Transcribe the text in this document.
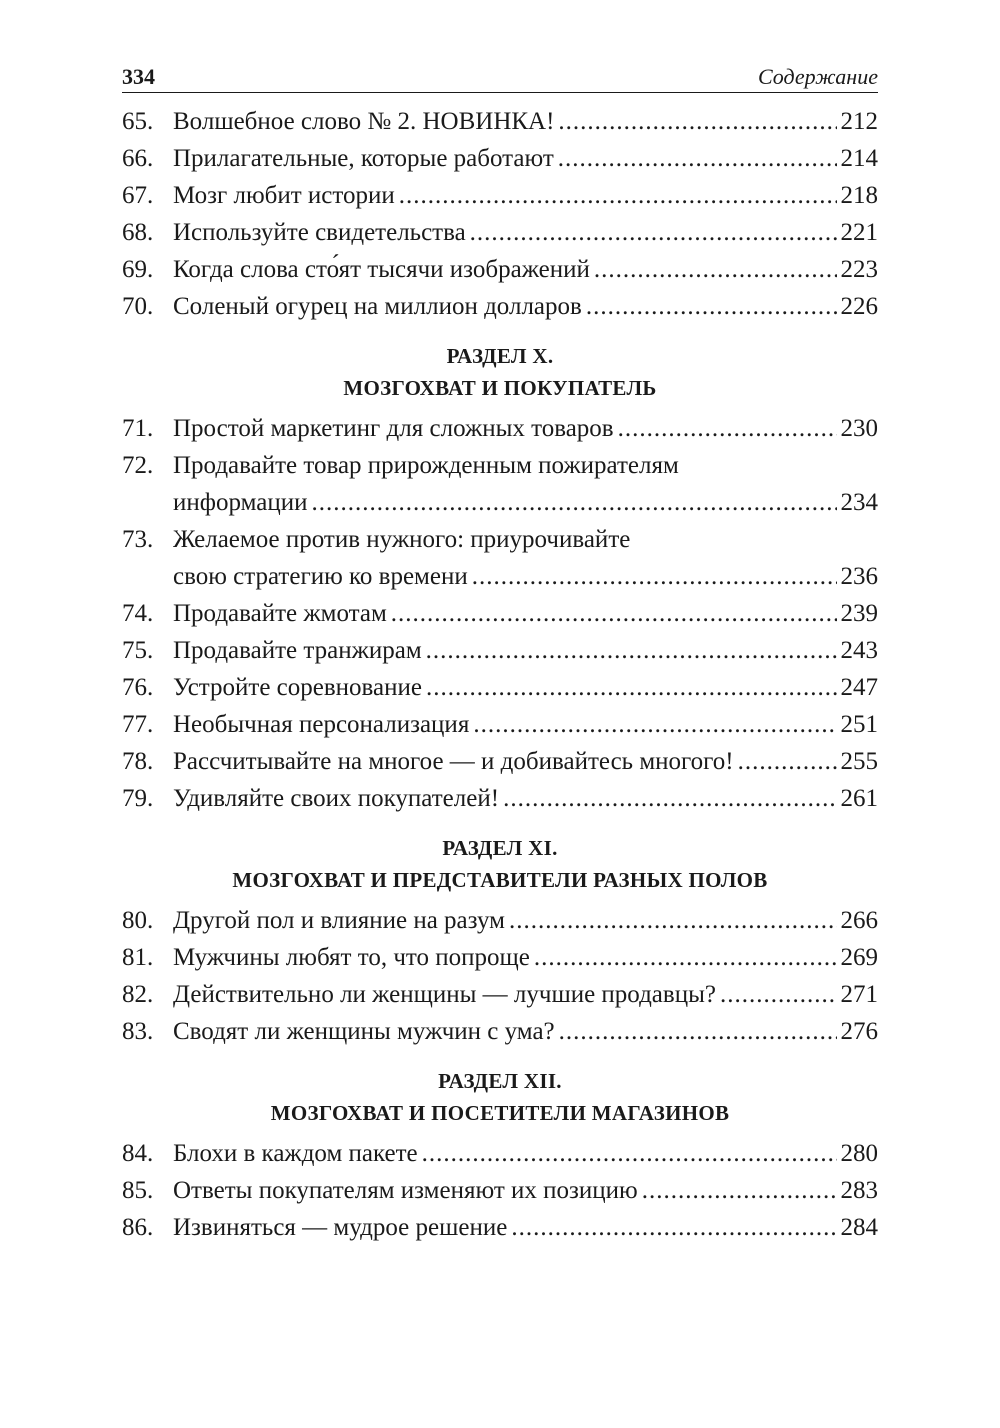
334	Содержание
65. Волшебное слово № 2. НОВИНКА! .....	212
66. Прилагательные, которые работают .....	214
67. Мозг любит истории .....	218
68. Используйте свидетельства .....	221
69. Когда слова сто́ят тысячи изображений .....	223
70. Соленый огурец на миллион долларов .....	226
РАЗДЕЛ X.
МОЗГОХВАТ И ПОКУПАТЕЛЬ
71. Простой маркетинг для сложных товаров .....	230
72. Продавайте товар прирожденным пожирателям
информации .....	234
73. Желаемое против нужного: приурочивайте
свою стратегию ко времени .....	236
74. Продавайте жмотам .....	239
75. Продавайте транжирам .....	243
76. Устройте соревнование .....	247
77. Необычная персонализация .....	251
78. Рассчитывайте на многое — и добивайтесь многого! .....	255
79. Удивляйте своих покупателей! .....	261
РАЗДЕЛ XI.
МОЗГОХВАТ И ПРЕДСТАВИТЕЛИ РАЗНЫХ ПОЛОВ
80. Другой пол и влияние на разум .....	266
81. Мужчины любят то, что попроще .....	269
82. Действительно ли женщины — лучшие продавцы? .....	271
83. Сводят ли женщины мужчин с ума? .....	276
РАЗДЕЛ XII.
МОЗГОХВАТ И ПОСЕТИТЕЛИ МАГАЗИНОВ
84. Блохи в каждом пакете .....	280
85. Ответы покупателям изменяют их позицию .....	283
86. Извиняться — мудрое решение .....	284
